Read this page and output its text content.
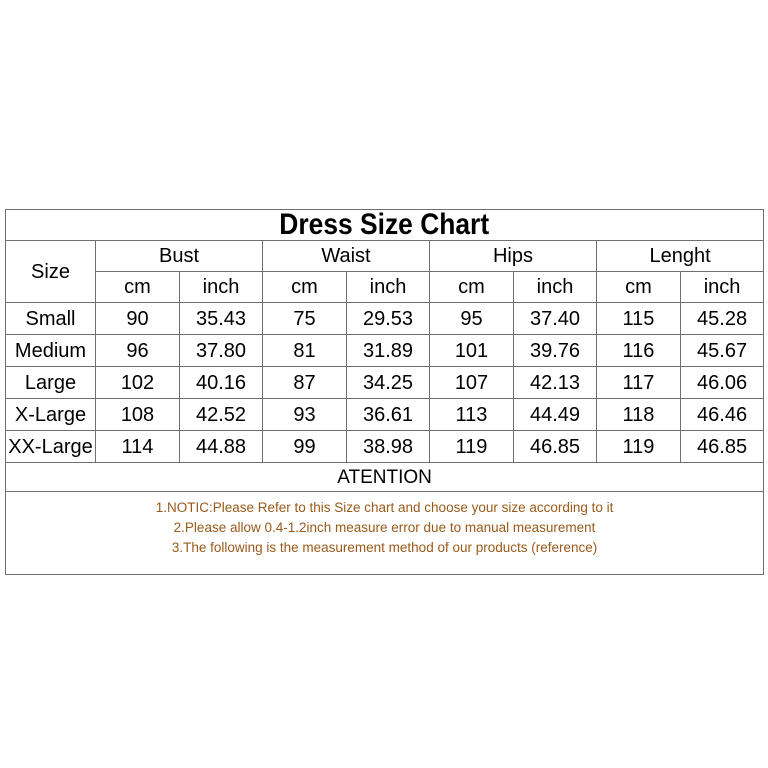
Dress Size Chart								
Size	Bust		Waist		Hips		Lenght	
	cm	inch	cm	inch	cm	inch	cm	inch
Small	90	35.43	75	29.53	95	37.40	115	45.28
Medium	96	37.80	81	31.89	101	39.76	116	45.67
Large	102	40.16	87	34.25	107	42.13	117	46.06
X-Large	108	42.52	93	36.61	113	44.49	118	46.46
XX-Large	114	44.88	99	38.98	119	46.85	119	46.85
ATENTION								

1.NOTIC:Please Refer to this Size chart and choose your size according to it
2.Please allow 0.4-1.2inch measure error due to manual measurement
3.The following is the measurement method of our products (reference)								
